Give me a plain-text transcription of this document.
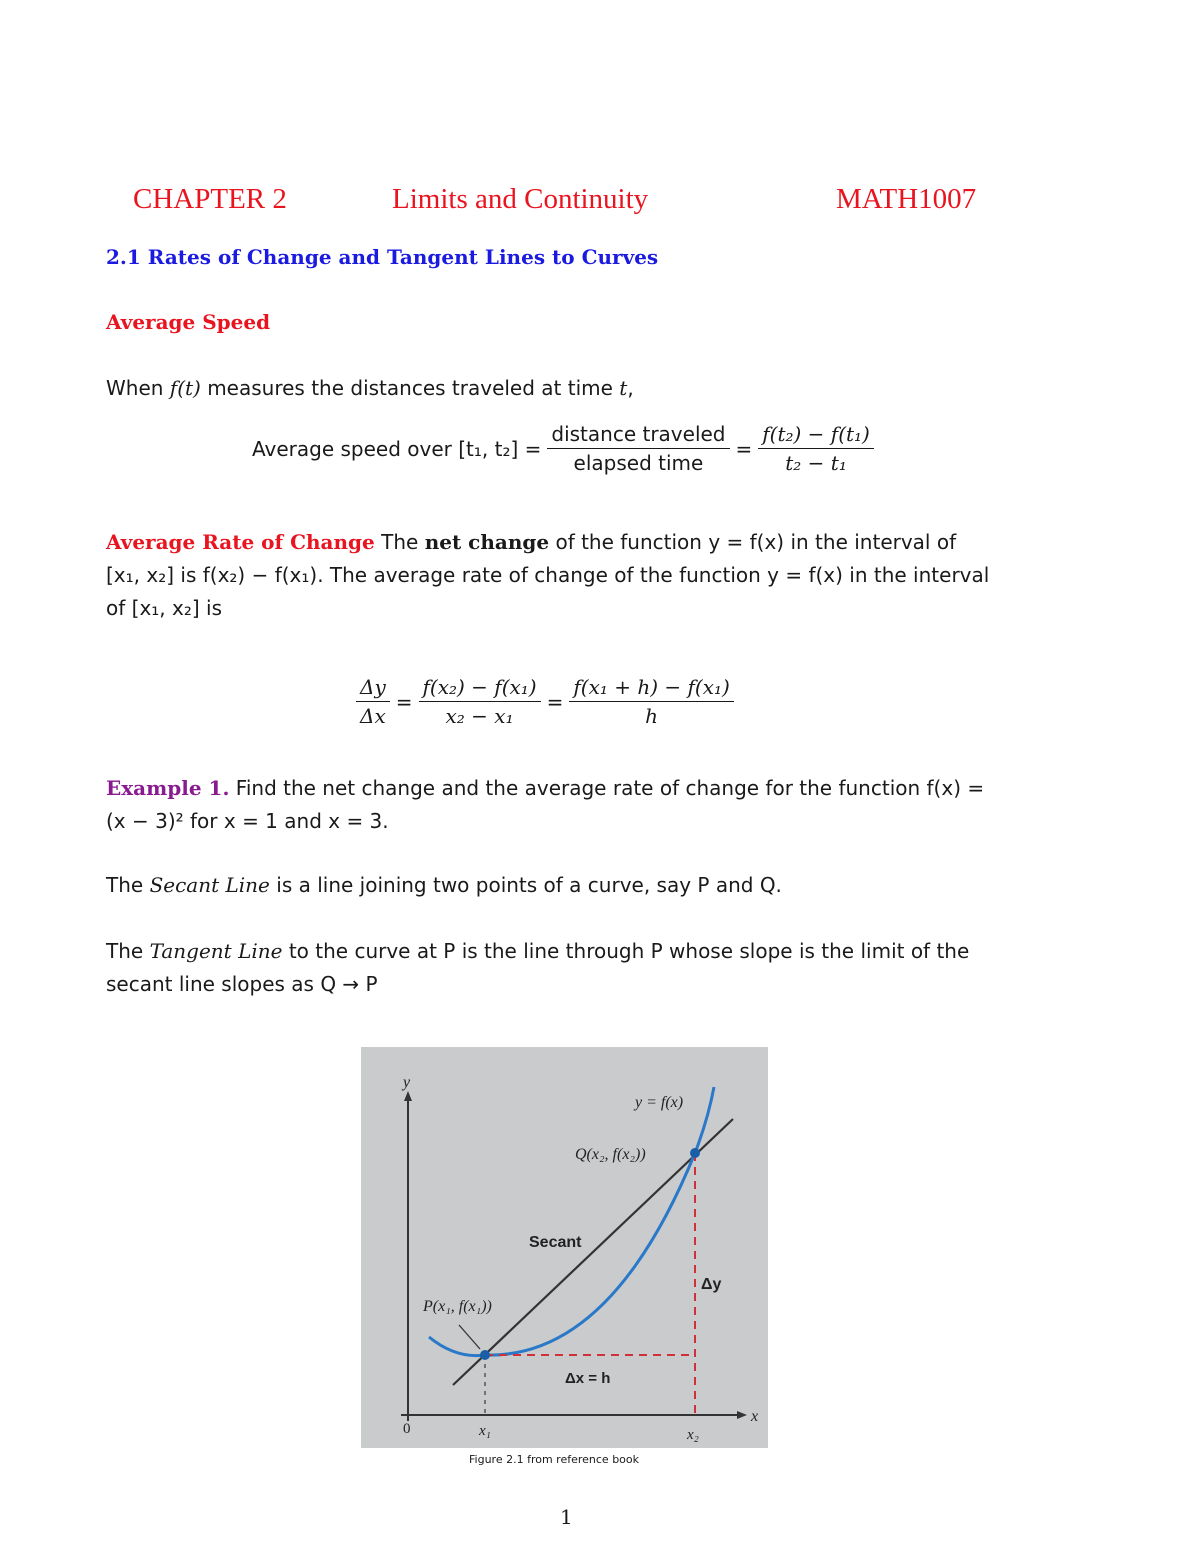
CHAPTER 2	Limits and Continuity	MATH1007
2.1 Rates of Change and Tangent Lines to Curves
Average Speed
When f(t) measures the distances traveled at time t,
Average speed over [t₁, $t_2] = \frac{\text{distance traveled}}{\text{elapsed time}} = \frac{\text{f(t₂) − f(t₁)}}{\text{t₂ − t₁}}$
Average Rate of Change The net change of the function y = f(x) in the interval of
[x₁, x₂] is f(x₂) − f(x₁). The average rate of change of the function y = f(x) in the interval
of [x₁, x₂] is
$\frac{\Delta y}{\Delta x} = \frac{\text{f(x₂) − f(x₁)}}{\text{x₂ − x₁}} = \frac{\text{f(x₁ + h) − f(x₁)}}{h}$
Example 1. Find the net change and the average rate of change for the function f(x) =
(x − 3)² for x = 1 and x = 3.
The Secant Line is a line joining two points of a curve, say P and Q.
The Tangent Line to the curve at P is the line through P whose slope is the limit of the
secant line slopes as Q → P
y
x
0
y = f(x)
Q(x₂, f(x₂))
P(x₁, f(x₁))
Secant
Δy
Δx = h
x₁	x₂
Figure 2.1 from reference book
1
